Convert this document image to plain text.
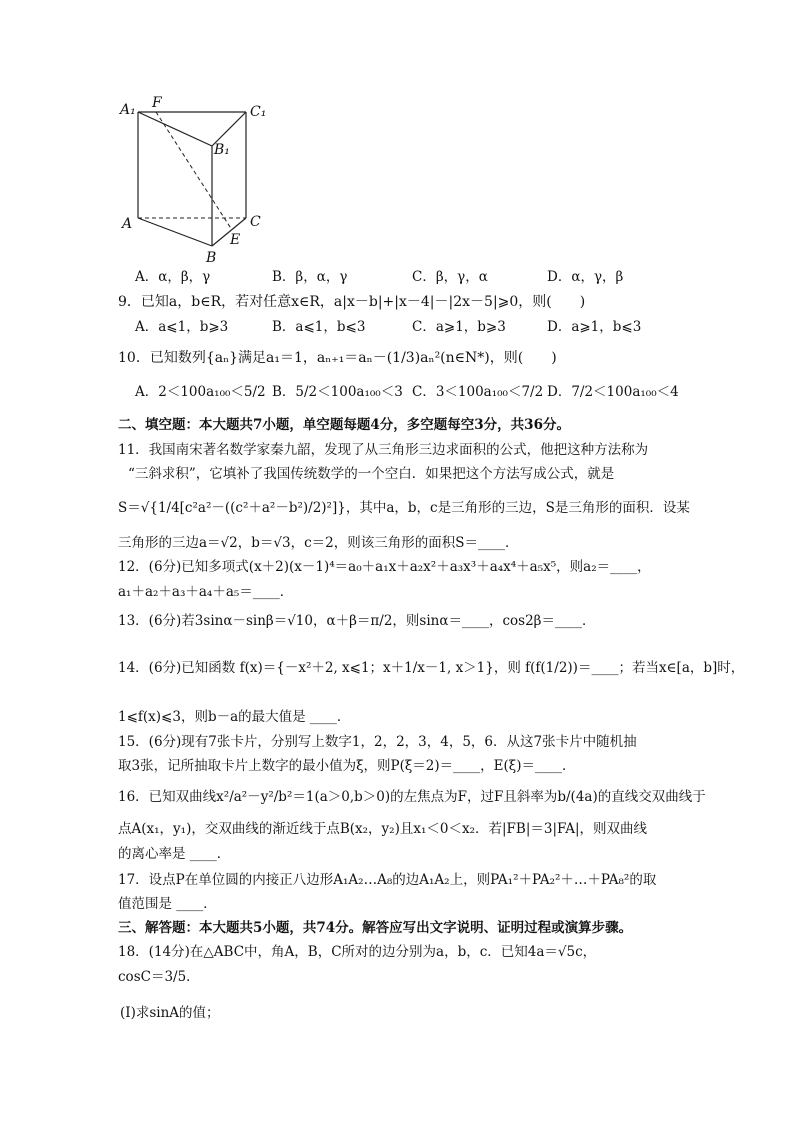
A₁ F
C₁
B₁
A	C
E
B
A．α，β，γ	B．β，α，γ	C．β，γ，α	D．α，γ，β
9．已知a，b∈R，若对任意x∈R，a|x－b|+|x－4|－|2x－5|⩾0，则(　　)
A．a⩽1，b⩾3	B．a⩽1，b⩽3	C．a⩾1，b⩾3	D．a⩾1，b⩽3
10．已知数列{aₙ}满足a₁＝1，aₙ₊₁＝aₙ－(1/3)aₙ²(n∈N*)，则(　　)
A．2＜100a₁₀₀＜5/2 B．5/2＜100a₁₀₀＜3 C．3＜100a₁₀₀＜7/2 D．7/2＜100a₁₀₀＜4
二、填空题：本大题共7小题，单空题每题4分，多空题每空3分，共36分。
11．我国南宋著名数学家秦九韶，发现了从三角形三边求面积的公式，他把这种方法称为
“三斜求积”，它填补了我国传统数学的一个空白．如果把这个方法写成公式，就是
S＝√{1/4[c²a²－((c²＋a²－b²)/2)²]}，其中a，b，c是三角形的三边，S是三角形的面积．设某
三角形的三边a＝√2，b＝√3，c＝2，则该三角形的面积S＝____．
12．(6分)已知多项式(x＋2)(x－1)⁴＝a₀＋a₁x＋a₂x²＋a₃x³＋a₄x⁴＋a₅x⁵，则a₂＝____，
a₁＋a₂＋a₃＋a₄＋a₅＝____．
13．(6分)若3sinα－sinβ＝√10，α＋β＝π/2，则sinα＝____，cos2β＝____．
14．(6分)已知函数 f(x)＝{－x²＋2, x⩽1；x＋1/x－1, x＞1}，则 f(f(1/2))＝____；若当x∈[a，b]时，
1⩽f(x)⩽3，则b－a的最大值是 ____．
15．(6分)现有7张卡片，分别写上数字1，2，2，3，4，5，6．从这7张卡片中随机抽
取3张，记所抽取卡片上数字的最小值为ξ，则P(ξ＝2)＝____，E(ξ)＝____．
16．已知双曲线x²/a²－y²/b²＝1(a＞0,b＞0)的左焦点为F，过F且斜率为b/(4a)的直线交双曲线于
点A(x₁，y₁)，交双曲线的渐近线于点B(x₂，y₂)且x₁＜0＜x₂．若|FB|＝3|FA|，则双曲线
的离心率是 ____．
17．设点P在单位圆的内接正八边形A₁A₂…A₈的边A₁A₂上，则PA₁²＋PA₂²＋…＋PA₈²的取
值范围是 ____．
三、解答题：本大题共5小题，共74分。解答应写出文字说明、证明过程或演算步骤。
18．(14分)在△ABC中，角A，B，C所对的边分别为a，b，c．已知4a＝√5c，
cosC＝3/5．
(Ⅰ)求sinA的值；
